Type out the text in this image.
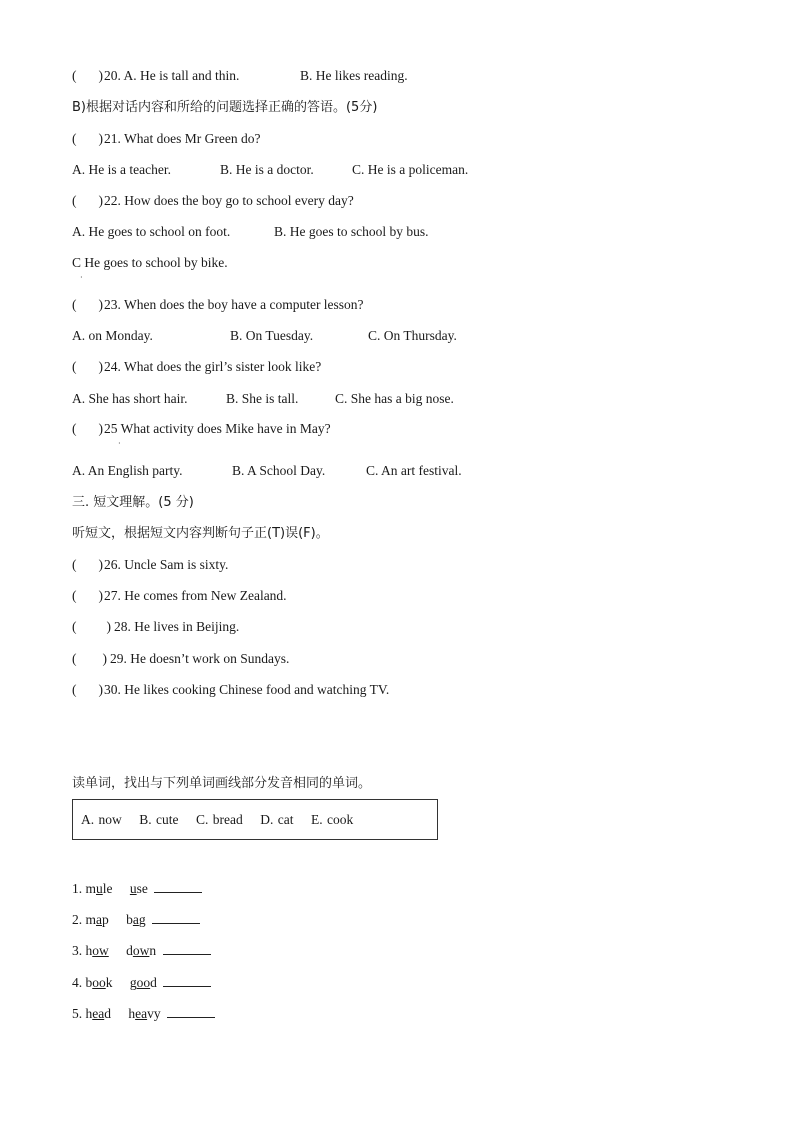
( )20. A. He is tall and thin.	B. He likes reading.
B)根据对话内容和所给的问题选择正确的答语。(5分)
( )21. What does Mr Green do?
A. He is a teacher.	B. He is a doctor.	C. He is a policeman.
( )22. How does the boy go to school every day?
A. He goes to school on foot.	B. He goes to school by bus.
C He goes to school by bike.
·
( )23. When does the boy have a computer lesson?
A. on Monday.	B. On Tuesday.	C. On Thursday.
( )24. What does the girl’s sister look like?
A. She has short hair.	B. She is tall.	C. She has a big nose.
( )25 What activity does Mike have in May?
·
A. An English party.	B. A School Day.	C. An art festival.
三. 短文理解。(5 分)
听短文，根据短文内容判断句子正(T)误(F)。
( )26. Uncle Sam is sixty.
( )27. He comes from New Zealand.
( ) 28. He lives in Beijing.
( ) 29. He doesn’t work on Sundays.
( )30. He likes cooking Chinese food and watching TV.
读单词，找出与下列单词画线部分发音相同的单词。
A. now    B. cute    C. bread    D. cat    E. cook
1. mule use
2. map bag
3. how down
4. book good
5. head heavy
